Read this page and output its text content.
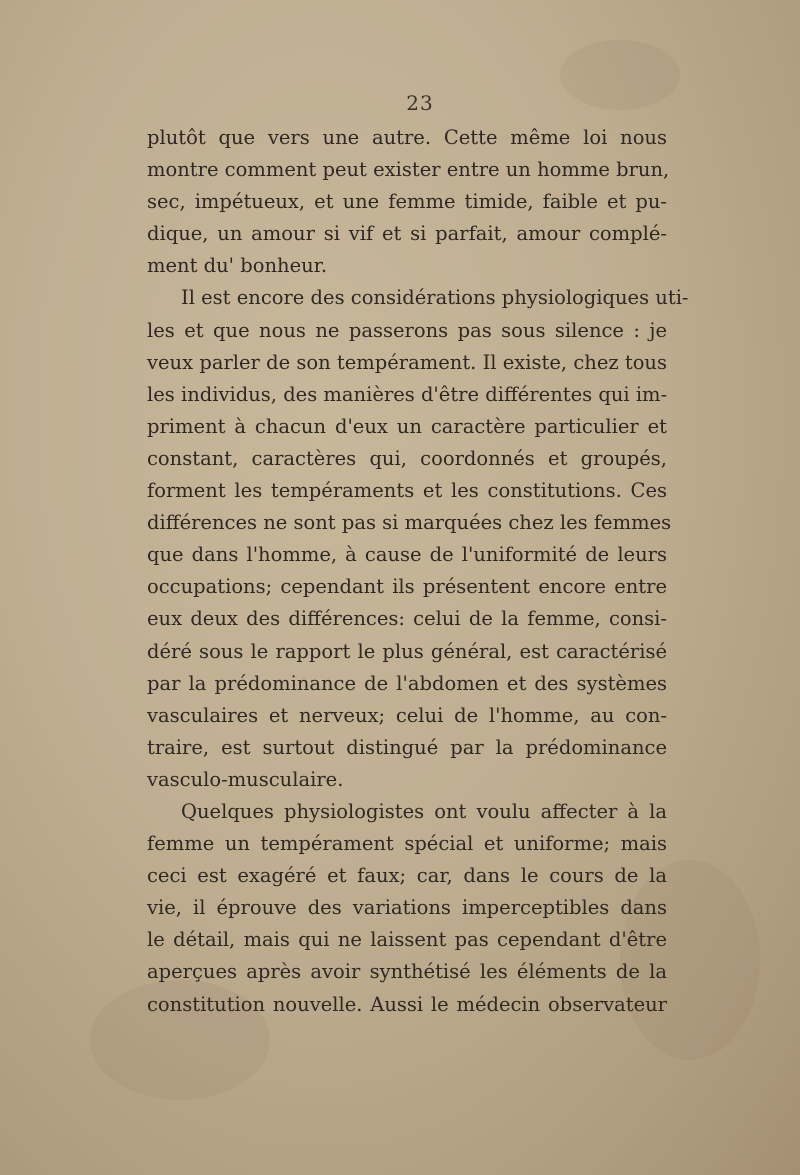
23
plutôt que vers une autre. Cette même loi nous
montre comment peut exister entre un homme brun,
sec, impétueux, et une femme timide, faible et pu-
dique, un amour si vif et si parfait, amour complé-
ment du' bonheur.
Il est encore des considérations physiologiques uti-
les et que nous ne passerons pas sous silence : je
veux parler de son tempérament. Il existe, chez tous
les individus, des manières d'être différentes qui im-
priment à chacun d'eux un caractère particulier et
constant, caractères qui, coordonnés et groupés,
forment les tempéraments et les constitutions. Ces
différences ne sont pas si marquées chez les femmes
que dans l'homme, à cause de l'uniformité de leurs
occupations; cependant ils présentent encore entre
eux deux des différences: celui de la femme, consi-
déré sous le rapport le plus général, est caractérisé
par la prédominance de l'abdomen et des systèmes
vasculaires et nerveux; celui de l'homme, au con-
traire, est surtout distingué par la prédominance
vasculo-musculaire.
Quelques physiologistes ont voulu affecter à la
femme un tempérament spécial et uniforme; mais
ceci est exagéré et faux; car, dans le cours de la
vie, il éprouve des variations imperceptibles dans
le détail, mais qui ne laissent pas cependant d'être
aperçues après avoir synthétisé les éléments de la
constitution nouvelle. Aussi le médecin observateur
